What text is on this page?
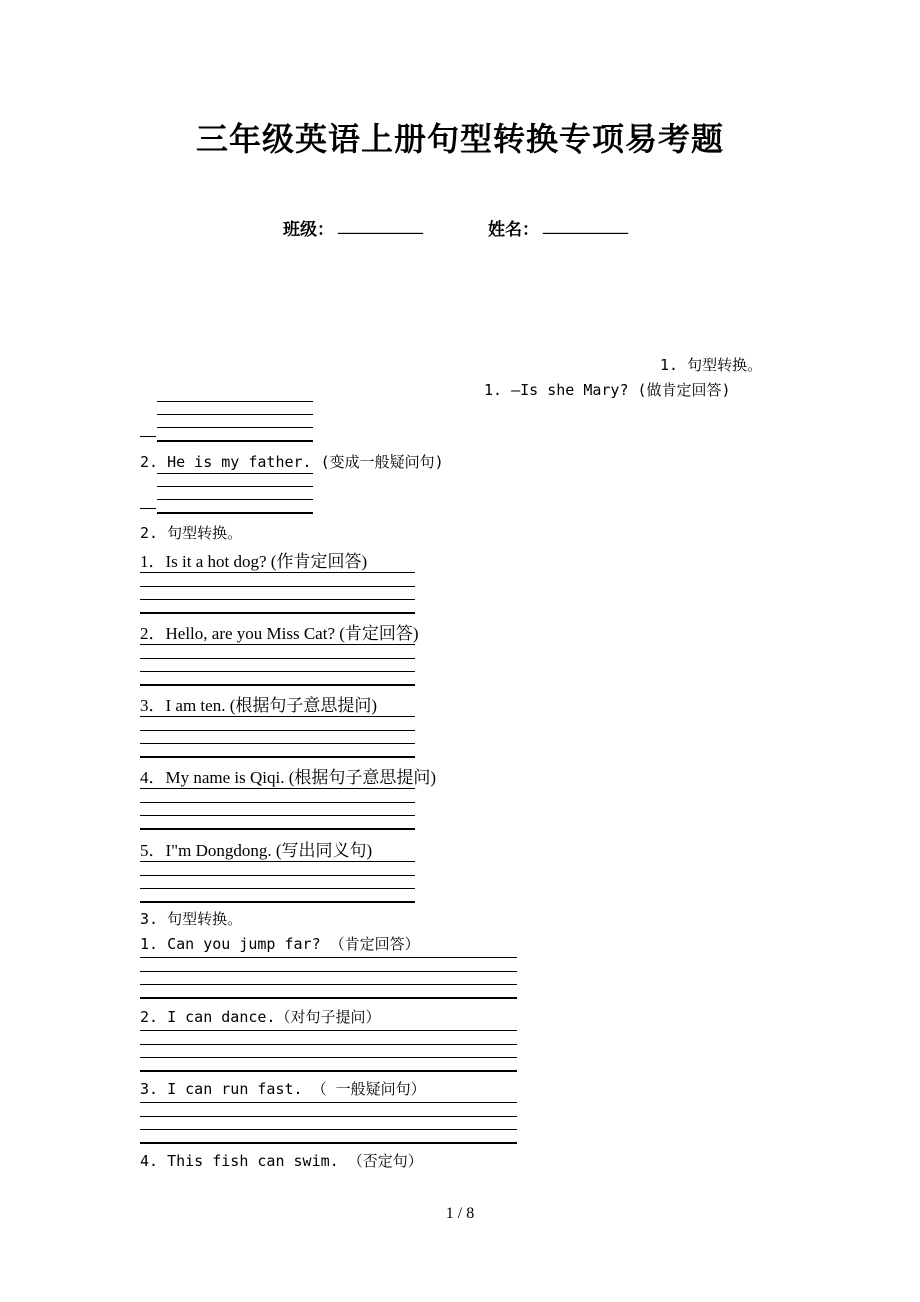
三年级英语上册句型转换专项易考题
班级： __________	姓名： __________
1. 句型转换。
1. —Is she Mary? (做肯定回答)
2. He is my father. (变成一般疑问句)
2. 句型转换。
1．Is it a hot dog? (作肯定回答)
2．Hello, are you Miss Cat? (肯定回答)
3．I am ten. (根据句子意思提问)
4．My name is Qiqi. (根据句子意思提问)
5．I"m Dongdong. (写出同义句)
3. 句型转换。
1. Can you jump far? （肯定回答）
2. I can dance.（对句子提问）
3. I can run fast. （ 一般疑问句）
4. This fish can swim. （否定句）
1 / 8
